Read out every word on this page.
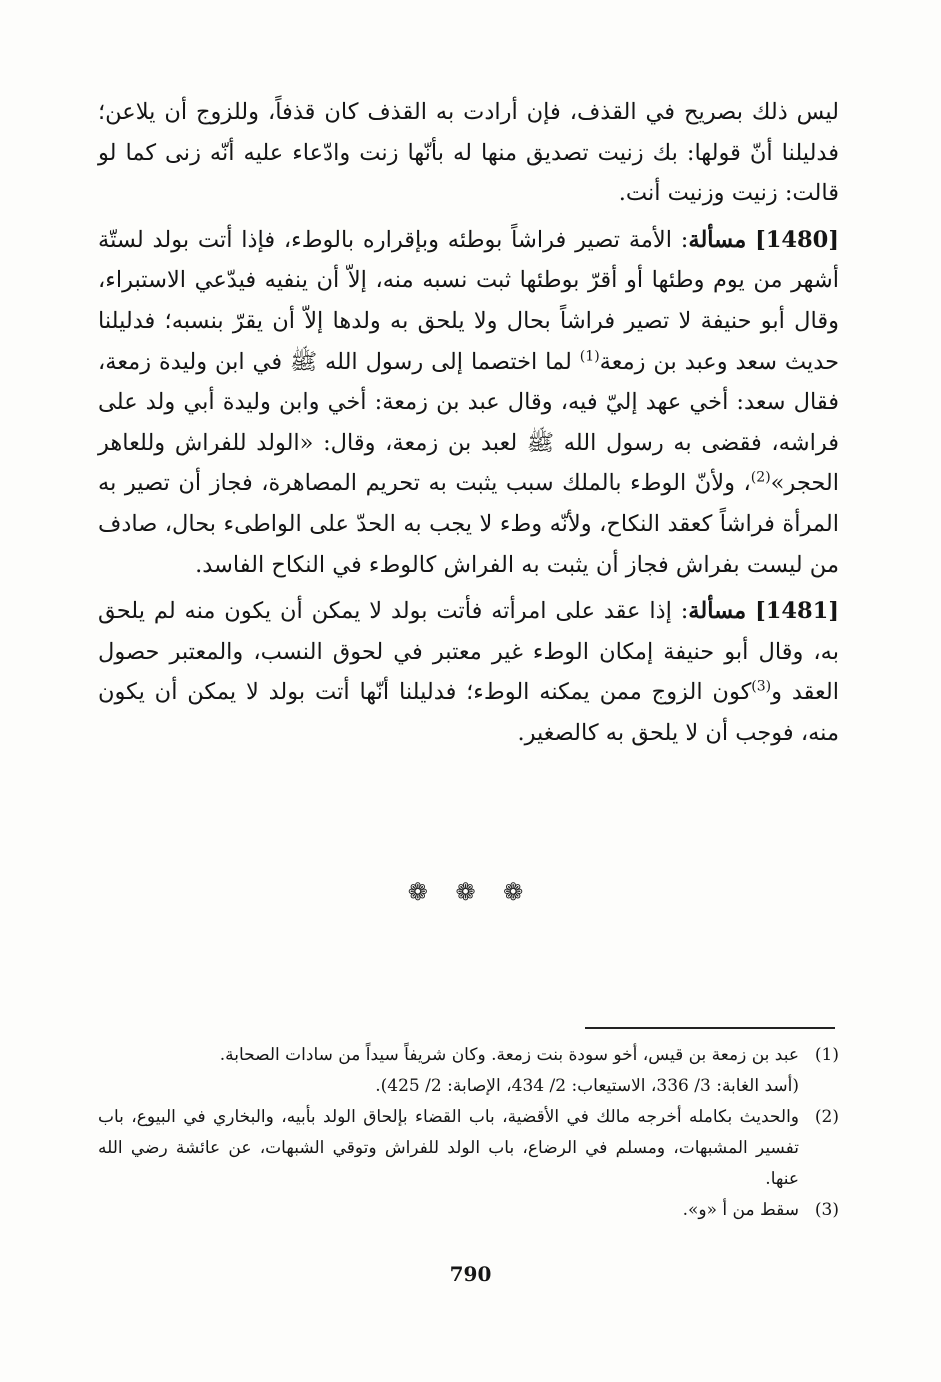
ليس ذلك بصريح في القذف، فإن أرادت به القذف كان قذفاً، وللزوج أن يلاعن؛ فدليلنا أنّ قولها: بك زنيت تصديق منها له بأنّها زنت وادّعاء عليه أنّه زنى كما لو قالت: زنيت وزنيت أنت.

[1480] مسألة: الأمة تصير فراشاً بوطئه وبإقراره بالوطء، فإذا أتت بولد لستّة أشهر من يوم وطئها أو أقرّ بوطئها ثبت نسبه منه، إلاّ أن ينفيه فيدّعي الاستبراء، وقال أبو حنيفة لا تصير فراشاً بحال ولا يلحق به ولدها إلاّ أن يقرّ بنسبه؛ فدليلنا حديث سعد وعبد بن زمعة$^{(1)}$ لما اختصما إلى رسول الله ﷺ في ابن وليدة زمعة، فقال سعد: أخي عهد إليّ فيه، وقال عبد بن زمعة: أخي وابن وليدة أبي ولد على فراشه، فقضى به رسول الله ﷺ لعبد بن زمعة، وقال: «الولد للفراش وللعاهر الحجر»$^{(2)}$، ولأنّ الوطء بالملك سبب يثبت به تحريم المصاهرة، فجاز أن تصير به المرأة فراشاً كعقد النكاح، ولأنّه وطء لا يجب به الحدّ على الواطىء بحال، صادف من ليست بفراش فجاز أن يثبت به الفراش كالوطء في النكاح الفاسد.

[1481] مسألة: إذا عقد على امرأته فأتت بولد لا يمكن أن يكون منه لم يلحق به، وقال أبو حنيفة إمكان الوطء غير معتبر في لحوق النسب، والمعتبر حصول العقد و$^{(3)}$كون الزوج ممن يمكنه الوطء؛ فدليلنا أنّها أتت بولد لا يمكن أن يكون منه، فوجب أن لا يلحق به كالصغير.

❁ ❁ ❁
(1)
عبد بن زمعة بن قيس، أخو سودة بنت زمعة. وكان شريفاً سيداً من سادات الصحابة.
(أسد الغابة: 3/ 336، الاستيعاب: 2/ 434، الإصابة: 2/ 425).
(2)
والحديث بكامله أخرجه مالك في الأقضية، باب القضاء بإلحاق الولد بأبيه، والبخاري في البيوع، باب تفسير المشبهات، ومسلم في الرضاع، باب الولد للفراش وتوقي الشبهات، عن عائشة رضي الله عنها.
(3)
سقط من أ «و».
790
